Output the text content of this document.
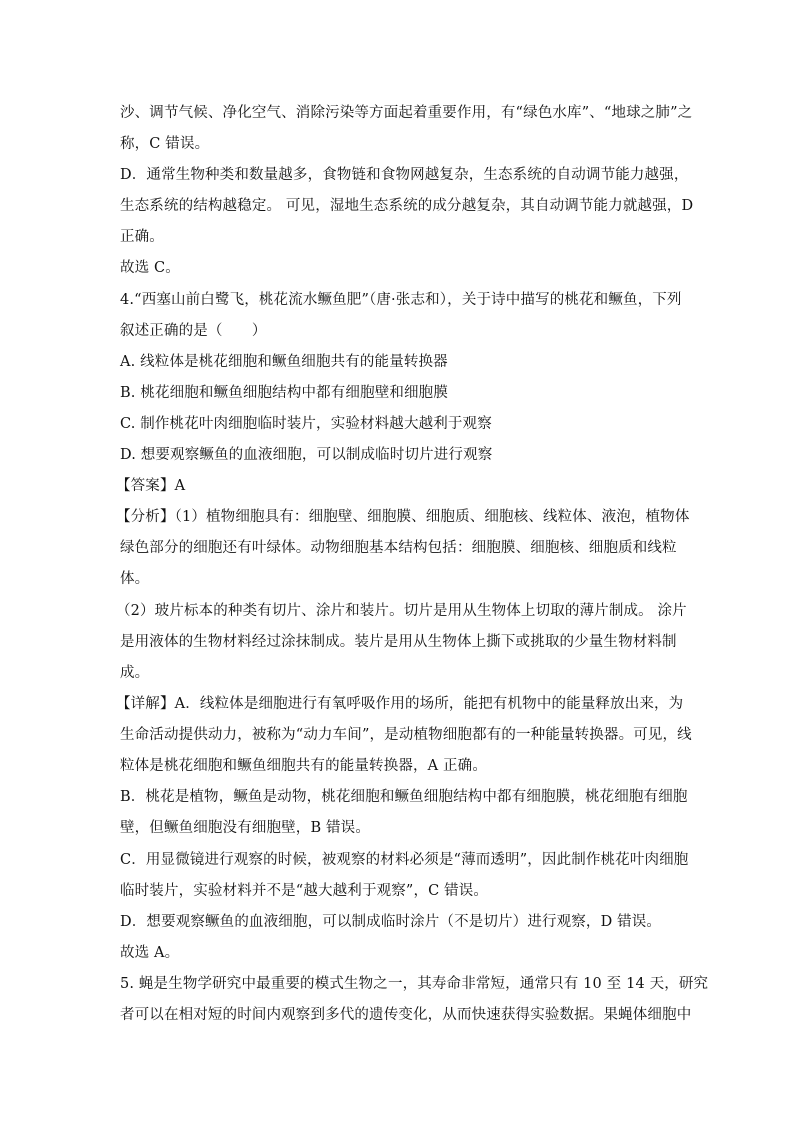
沙、调节气候、净化空气、消除污染等方面起着重要作用，有“绿色水库”、“地球之肺”之
称，C 错误。
D．通常生物种类和数量越多，食物链和食物网越复杂，生态系统的自动调节能力越强，
生态系统的结构越稳定。 可见，湿地生态系统的成分越复杂，其自动调节能力就越强，D
正确。
故选 C。
4.“西塞山前白鹭飞，桃花流水鳜鱼肥”（唐·张志和），关于诗中描写的桃花和鳜鱼，下列
叙述正确的是（　　）
A. 线粒体是桃花细胞和鳜鱼细胞共有的能量转换器
B. 桃花细胞和鳜鱼细胞结构中都有细胞壁和细胞膜
C. 制作桃花叶肉细胞临时装片，实验材料越大越利于观察
D. 想要观察鳜鱼的血液细胞，可以制成临时切片进行观察
【答案】A
【分析】（1）植物细胞具有：细胞壁、细胞膜、细胞质、细胞核、线粒体、液泡，植物体
绿色部分的细胞还有叶绿体。动物细胞基本结构包括：细胞膜、细胞核、细胞质和线粒
体。
（2）玻片标本的种类有切片、涂片和装片。切片是用从生物体上切取的薄片制成。 涂片
是用液体的生物材料经过涂抹制成。装片是用从生物体上撕下或挑取的少量生物材料制
成。
【详解】A．线粒体是细胞进行有氧呼吸作用的场所，能把有机物中的能量释放出来，为
生命活动提供动力，被称为“动力车间”，是动植物细胞都有的一种能量转换器。可见，线
粒体是桃花细胞和鳜鱼细胞共有的能量转换器，A 正确。
B．桃花是植物，鳜鱼是动物，桃花细胞和鳜鱼细胞结构中都有细胞膜，桃花细胞有细胞
壁，但鳜鱼细胞没有细胞壁，B 错误。
C．用显微镜进行观察的时候，被观察的材料必须是“薄而透明”，因此制作桃花叶肉细胞
临时装片，实验材料并不是“越大越利于观察”，C 错误。
D．想要观察鳜鱼的血液细胞，可以制成临时涂片（不是切片）进行观察，D 错误。
故选 A。
5. 蝇是生物学研究中最重要的模式生物之一，其寿命非常短，通常只有 10 至 14 天，研究
者可以在相对短的时间内观察到多代的遗传变化，从而快速获得实验数据。果蝇体细胞中
